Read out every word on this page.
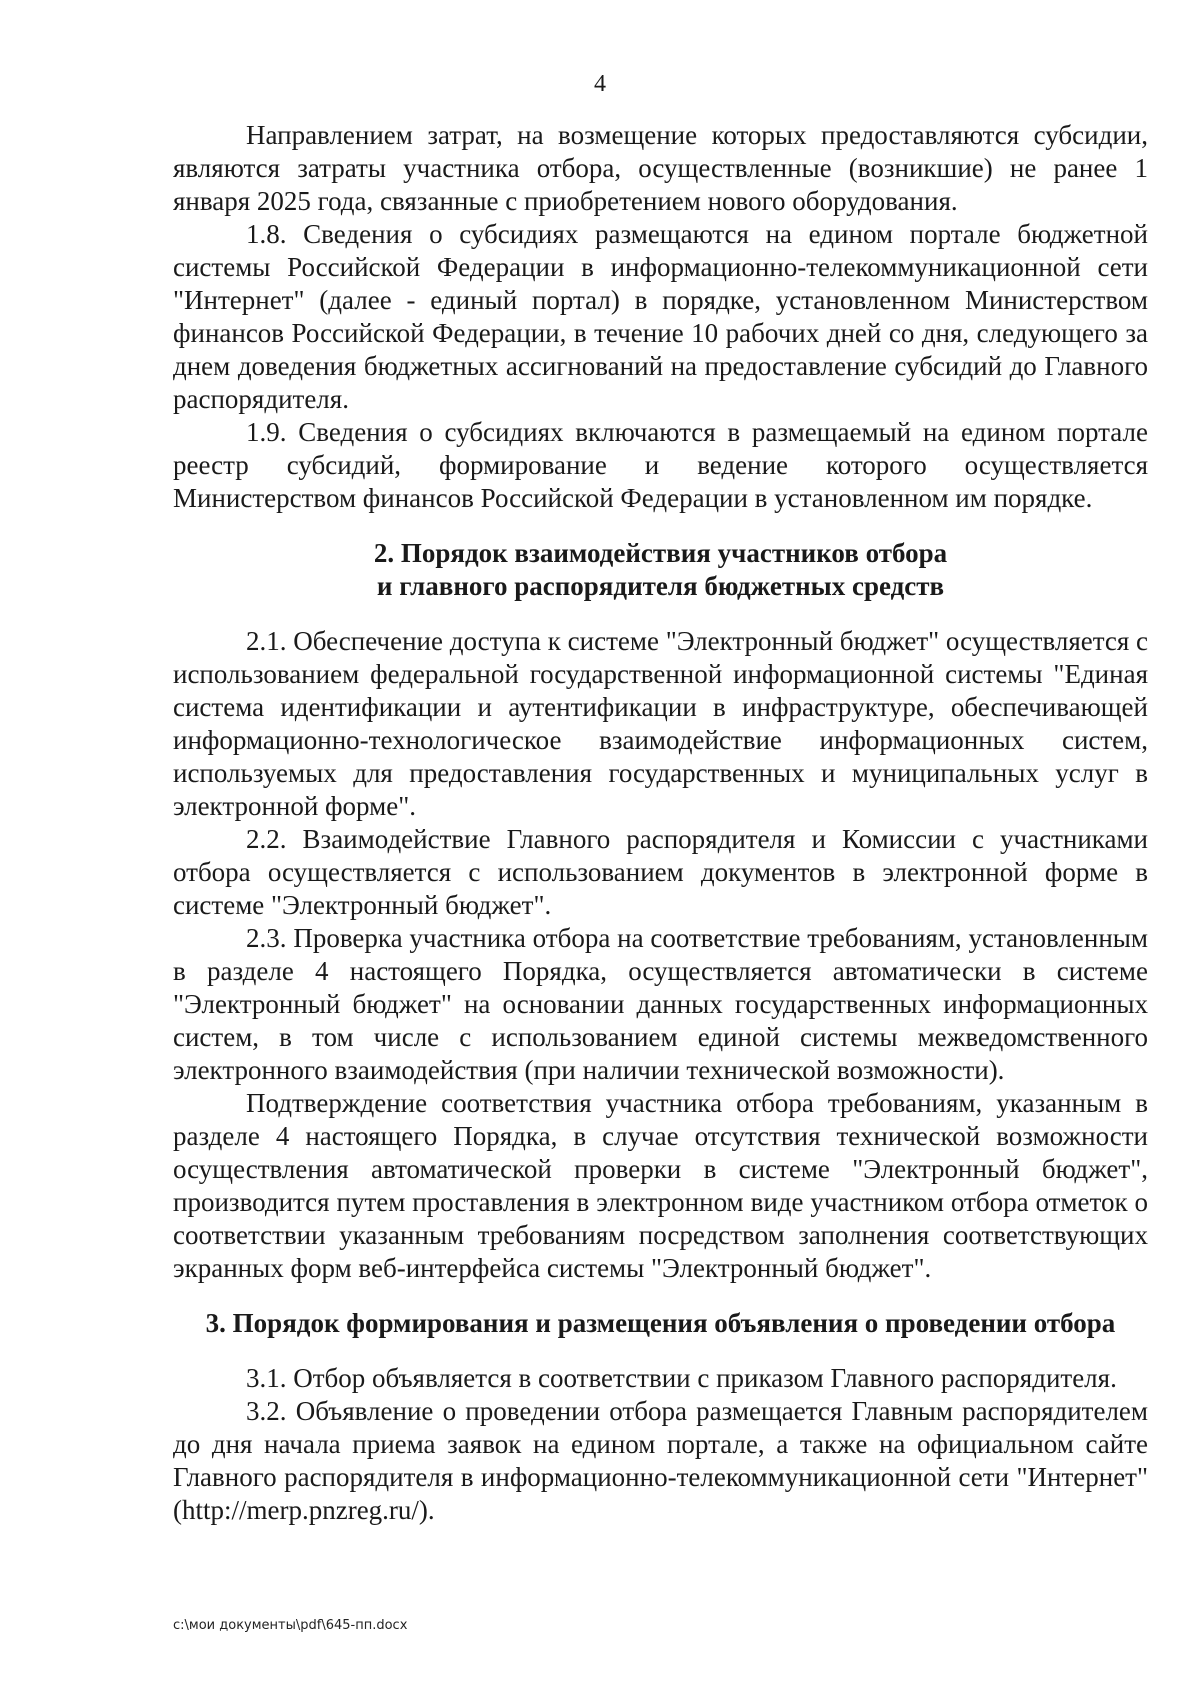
4

Направлением затрат, на возмещение которых предоставляются субсидии, являются затраты участника отбора, осуществленные (возникшие) не ранее 1 января 2025 года, связанные с приобретением нового оборудования.

1.8. Сведения о субсидиях размещаются на едином портале бюджетной системы Российской Федерации в информационно-телекоммуникационной сети "Интернет" (далее - единый портал) в порядке, установленном Министерством финансов Российской Федерации, в течение 10 рабочих дней со дня, следующего за днем доведения бюджетных ассигнований на предоставление субсидий до Главного распорядителя.

1.9. Сведения о субсидиях включаются в размещаемый на едином портале реестр субсидий, формирование и ведение которого осуществляется Министерством финансов Российской Федерации в установленном им порядке.

2. Порядок взаимодействия участников отбора
и главного распорядителя бюджетных средств

2.1. Обеспечение доступа к системе "Электронный бюджет" осуществляется с использованием федеральной государственной информационной системы "Единая система идентификации и аутентификации в инфраструктуре, обеспечивающей информационно-технологическое взаимодействие информационных систем, используемых для предоставления государственных и муниципальных услуг в электронной форме".

2.2. Взаимодействие Главного распорядителя и Комиссии с участниками отбора осуществляется с использованием документов в электронной форме в системе "Электронный бюджет".

2.3. Проверка участника отбора на соответствие требованиям, установленным в разделе 4 настоящего Порядка, осуществляется автоматически в системе "Электронный бюджет" на основании данных государственных информационных систем, в том числе с использованием единой системы межведомственного электронного взаимодействия (при наличии технической возможности).

Подтверждение соответствия участника отбора требованиям, указанным в разделе 4 настоящего Порядка, в случае отсутствия технической возможности осуществления автоматической проверки в системе "Электронный бюджет", производится путем проставления в электронном виде участником отбора отметок о соответствии указанным требованиям посредством заполнения соответствующих экранных форм веб-интерфейса системы "Электронный бюджет".

3. Порядок формирования и размещения объявления о проведении отбора

3.1. Отбор объявляется в соответствии с приказом Главного распорядителя.

3.2. Объявление о проведении отбора размещается Главным распорядителем до дня начала приема заявок на едином портале, а также на официальном сайте Главного распорядителя в информационно-телекоммуникационной сети "Интернет" (http://merp.pnzreg.ru/).

c:\мои документы\pdf\645-пп.docx
